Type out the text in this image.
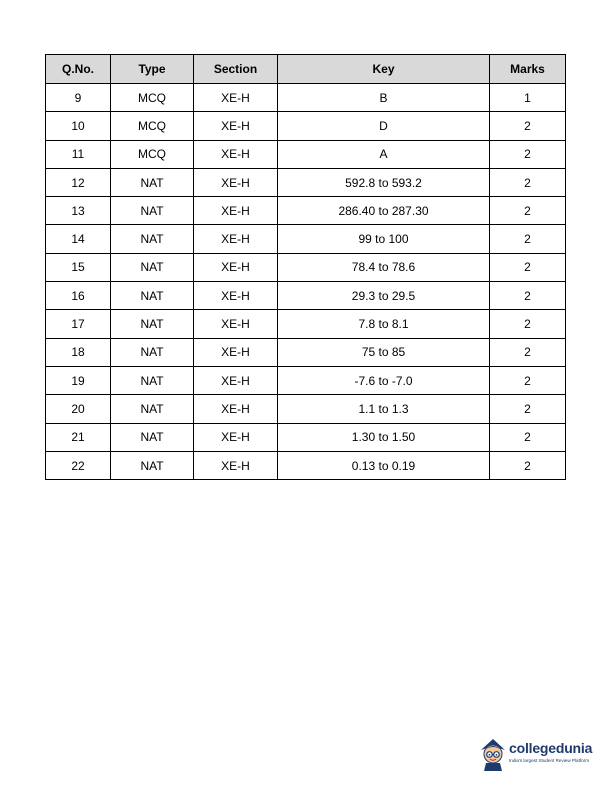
Q.No.	Type	Section	Key	Marks
9	MCQ	XE-H	B	1
10	MCQ	XE-H	D	2
11	MCQ	XE-H	A	2
12	NAT	XE-H	592.8 to 593.2	2
13	NAT	XE-H	286.40 to 287.30	2
14	NAT	XE-H	99 to 100	2
15	NAT	XE-H	78.4 to 78.6	2
16	NAT	XE-H	29.3 to 29.5	2
17	NAT	XE-H	7.8 to 8.1	2
18	NAT	XE-H	75 to 85	2
19	NAT	XE-H	-7.6 to -7.0	2
20	NAT	XE-H	1.1 to 1.3	2
21	NAT	XE-H	1.30 to 1.50	2
22	NAT	XE-H	0.13 to 0.19	2
collegedunia
India's largest Student Review Platform
